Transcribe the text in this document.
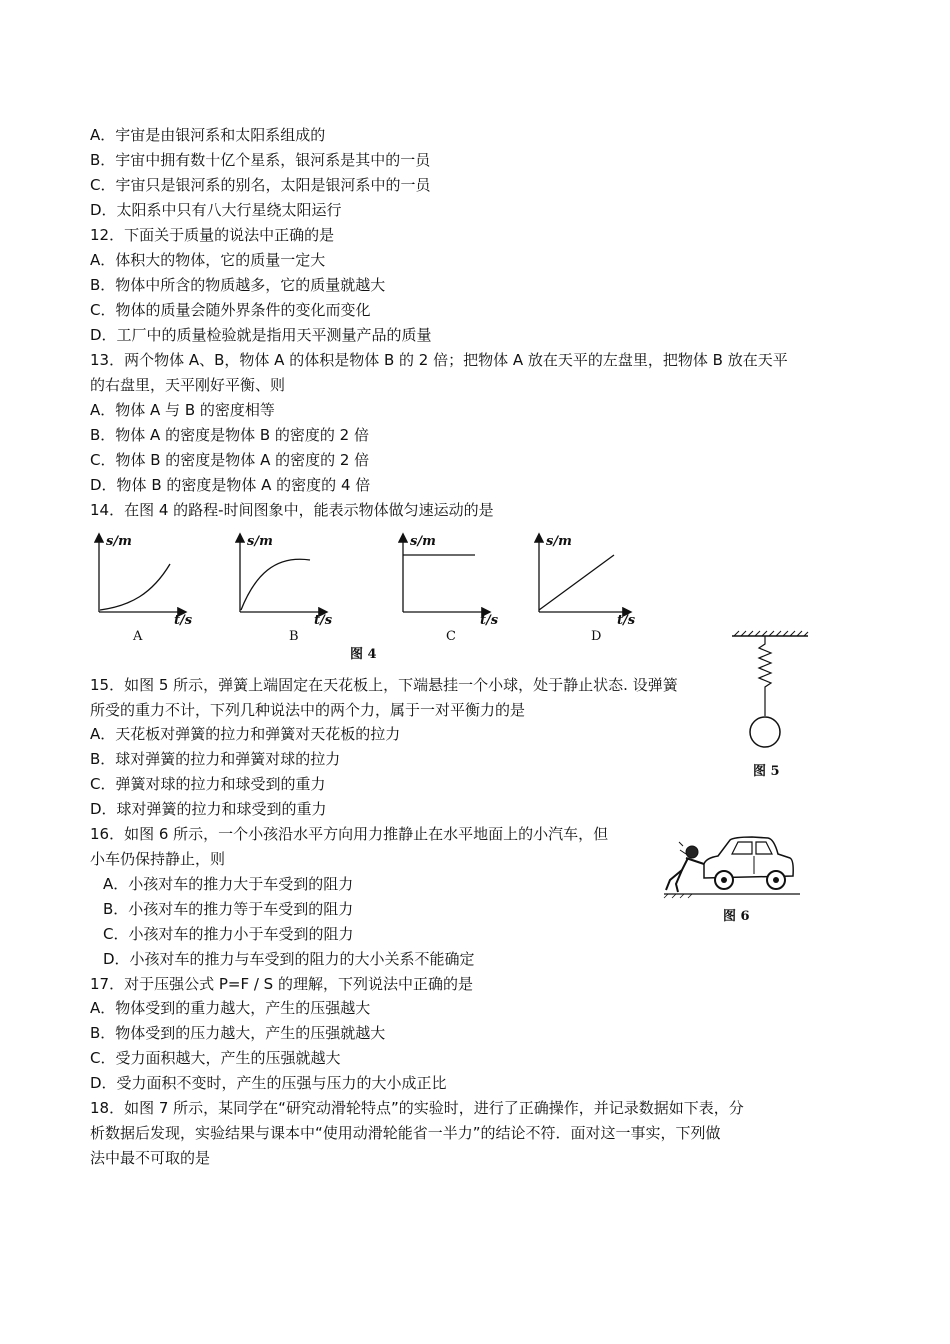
A．宇宙是由银河系和太阳系组成的
B．宇宙中拥有数十亿个星系，银河系是其中的一员
C．宇宙只是银河系的别名，太阳是银河系中的一员
D．太阳系中只有八大行星绕太阳运行
12．下面关于质量的说法中正确的是
A．体积大的物体，它的质量一定大
B．物体中所含的物质越多，它的质量就越大
C．物体的质量会随外界条件的变化而变化
D．工厂中的质量检验就是指用天平测量产品的质量
13．两个物体 A、B，物体 A 的体积是物体 B 的 2 倍；把物体 A 放在天平的左盘里，把物体 B 放在天平
的右盘里，天平刚好平衡、则
A．物体 A 与 B 的密度相等
B．物体 A 的密度是物体 B 的密度的 2 倍
C．物体 B 的密度是物体 A 的密度的 2 倍
D．物体 B 的密度是物体 A 的密度的 4 倍
14．在图 4 的路程-时间图象中，能表示物体做匀速运动的是
s/m	s/m	s/m	s/m
t/s	t/s	t/s	t/s
A	B	C	D
图 4
图 5
15．如图 5 所示，弹簧上端固定在天花板上，下端悬挂一个小球，处于静止状态. 设弹簧
所受的重力不计，下列几种说法中的两个力，属于一对平衡力的是
A．天花板对弹簧的拉力和弹簧对天花板的拉力
B．球对弹簧的拉力和弹簧对球的拉力
C．弹簧对球的拉力和球受到的重力
D．球对弹簧的拉力和球受到的重力
16．如图 6 所示，一个小孩沿水平方向用力推静止在水平地面上的小汽车，但
小车仍保持静止，则
A．小孩对车的推力大于车受到的阻力
B．小孩对车的推力等于车受到的阻力
C．小孩对车的推力小于车受到的阻力
D．小孩对车的推力与车受到的阻力的大小关系不能确定
图 6
17．对于压强公式 P=F / S 的理解，下列说法中正确的是
A．物体受到的重力越大，产生的压强越大
B．物体受到的压力越大，产生的压强就越大
C．受力面积越大，产生的压强就越大
D．受力面积不变时，产生的压强与压力的大小成正比
18．如图 7 所示，某同学在“研究动滑轮特点”的实验时，进行了正确操作，并记录数据如下表，分
析数据后发现，实验结果与课本中“使用动滑轮能省一半力”的结论不符．面对这一事实，下列做
法中最不可取的是
